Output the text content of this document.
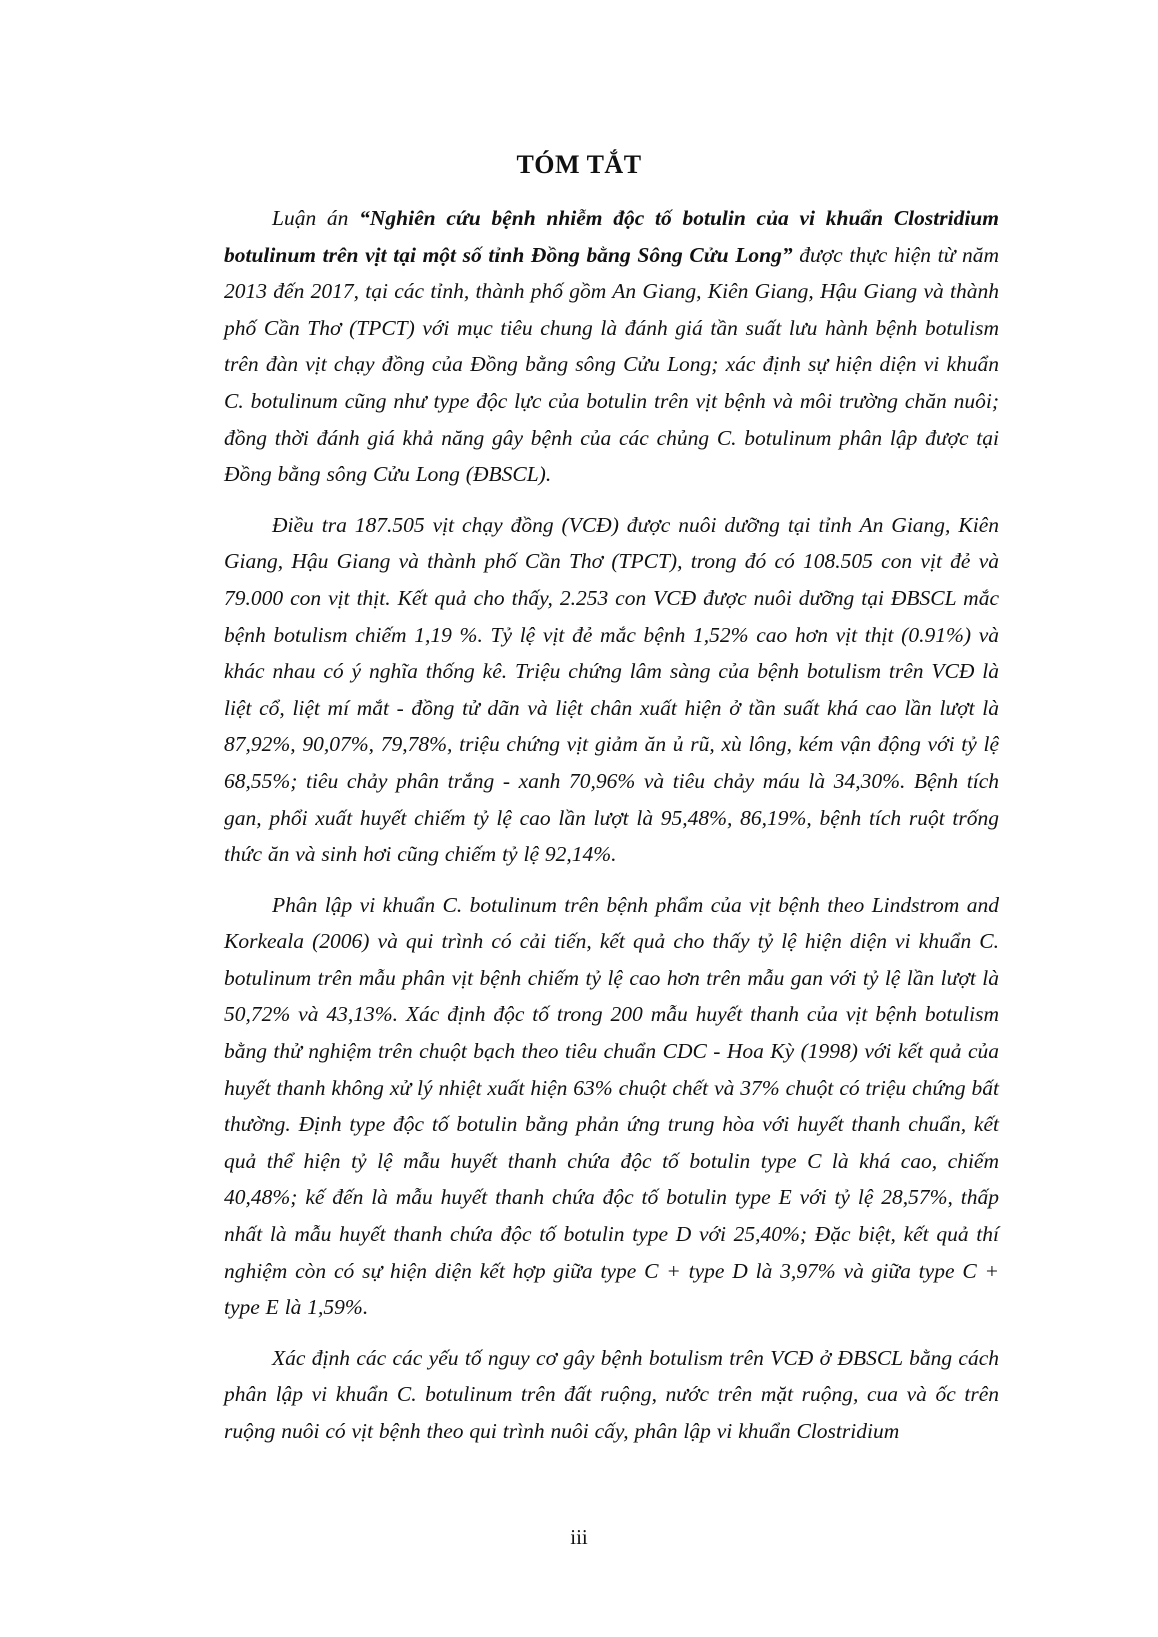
TÓM TẮT

Luận án “Nghiên cứu bệnh nhiễm độc tố botulin của vi khuẩn Clostridium botulinum trên vịt tại một số tỉnh Đồng bằng Sông Cửu Long” được thực hiện từ năm 2013 đến 2017, tại các tỉnh, thành phố gồm An Giang, Kiên Giang, Hậu Giang và thành phố Cần Thơ (TPCT) với mục tiêu chung là đánh giá tần suất lưu hành bệnh botulism trên đàn vịt chạy đồng của Đồng bằng sông Cửu Long; xác định sự hiện diện vi khuẩn C. botulinum cũng như type độc lực của botulin trên vịt bệnh và môi trường chăn nuôi; đồng thời đánh giá khả năng gây bệnh của các chủng C. botulinum phân lập được tại Đồng bằng sông Cửu Long (ĐBSCL).

Điều tra 187.505 vịt chạy đồng (VCĐ) được nuôi dưỡng tại tỉnh An Giang, Kiên Giang, Hậu Giang và thành phố Cần Thơ (TPCT), trong đó có 108.505 con vịt đẻ và 79.000 con vịt thịt. Kết quả cho thấy, 2.253 con VCĐ được nuôi dưỡng tại ĐBSCL mắc bệnh botulism chiếm 1,19 %. Tỷ lệ vịt đẻ mắc bệnh 1,52% cao hơn vịt thịt (0.91%) và khác nhau có ý nghĩa thống kê. Triệu chứng lâm sàng của bệnh botulism trên VCĐ là liệt cổ, liệt mí mắt - đồng tử dãn và liệt chân xuất hiện ở tần suất khá cao lần lượt là 87,92%, 90,07%, 79,78%, triệu chứng vịt giảm ăn ủ rũ, xù lông, kém vận động với tỷ lệ 68,55%; tiêu chảy phân trắng - xanh 70,96% và tiêu chảy máu là 34,30%. Bệnh tích gan, phổi xuất huyết chiếm tỷ lệ cao lần lượt là 95,48%, 86,19%, bệnh tích ruột trống thức ăn và sinh hơi cũng chiếm tỷ lệ 92,14%.

Phân lập vi khuẩn C. botulinum trên bệnh phẩm của vịt bệnh theo Lindstrom and Korkeala (2006) và qui trình có cải tiến, kết quả cho thấy tỷ lệ hiện diện vi khuẩn C. botulinum trên mẫu phân vịt bệnh chiếm tỷ lệ cao hơn trên mẫu gan với tỷ lệ lần lượt là 50,72% và 43,13%. Xác định độc tố trong 200 mẫu huyết thanh của vịt bệnh botulism bằng thử nghiệm trên chuột bạch theo tiêu chuẩn CDC - Hoa Kỳ (1998) với kết quả của huyết thanh không xử lý nhiệt xuất hiện 63% chuột chết và 37% chuột có triệu chứng bất thường. Định type độc tố botulin bằng phản ứng trung hòa với huyết thanh chuẩn, kết quả thể hiện tỷ lệ mẫu huyết thanh chứa độc tố botulin type C là khá cao, chiếm 40,48%; kế đến là mẫu huyết thanh chứa độc tố botulin type E với tỷ lệ 28,57%, thấp nhất là mẫu huyết thanh chứa độc tố botulin type D với 25,40%; Đặc biệt, kết quả thí nghiệm còn có sự hiện diện kết hợp giữa type C + type D là 3,97% và giữa type C + type E là 1,59%.

Xác định các các yếu tố nguy cơ gây bệnh botulism trên VCĐ ở ĐBSCL bằng cách phân lập vi khuẩn C. botulinum trên đất ruộng, nước trên mặt ruộng, cua và ốc trên ruộng nuôi có vịt bệnh theo qui trình nuôi cấy, phân lập vi khuẩn Clostridium

iii
